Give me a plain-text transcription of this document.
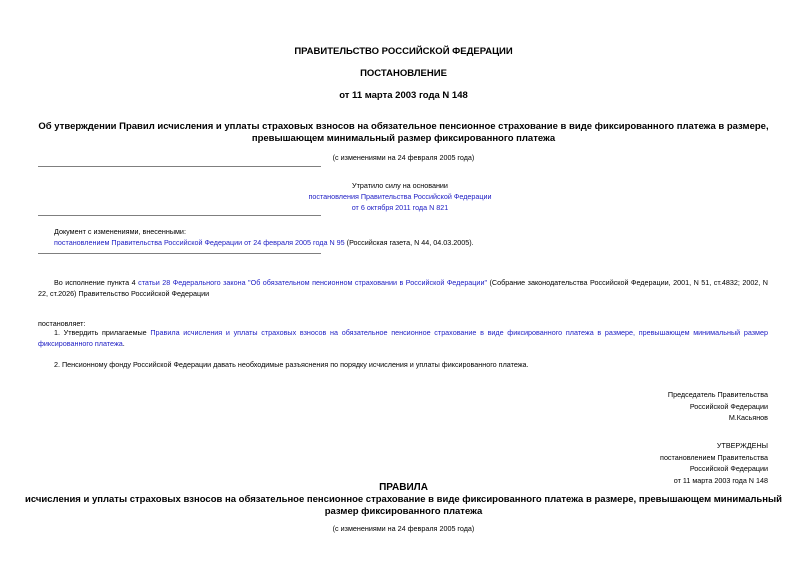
ПРАВИТЕЛЬСТВО РОССИЙСКОЙ ФЕДЕРАЦИИ
ПОСТАНОВЛЕНИЕ
от 11 марта 2003 года N 148
Об утверждении Правил исчисления и уплаты страховых взносов на обязательное пенсионное страхование в виде фиксированного платежа в размере,
превышающем минимальный размер фиксированного платежа
(с изменениями на 24 февраля 2005 года)
Утратило силу на основании
постановления Правительства Российской Федерации
от 6 октября 2011 года N 821
Документ с изменениями, внесенными:
постановлением Правительства Российской Федерации от 24 февраля 2005 года N 95 (Российская газета, N 44, 04.03.2005).
Во исполнение пункта 4 статьи 28 Федерального закона "Об обязательном пенсионном страховании в Российской Федерации" (Собрание законодательства Российской Федерации, 2001, N 51, ст.4832; 2002, N 22, ст.2026) Правительство Российской Федерации
постановляет:
1. Утвердить прилагаемые Правила исчисления и уплаты страховых взносов на обязательное пенсионное страхование в виде фиксированного платежа в размере, превышающем минимальный размер фиксированного платежа.
2. Пенсионному фонду Российской Федерации давать необходимые разъяснения по порядку исчисления и уплаты фиксированного платежа.
Председатель Правительства
Российской Федерации
М.Касьянов
УТВЕРЖДЕНЫ
постановлением Правительства
Российской Федерации
от 11 марта 2003 года N 148
ПРАВИЛА
исчисления и уплаты страховых взносов на обязательное пенсионное страхование в виде фиксированного платежа в размере, превышающем минимальный
размер фиксированного платежа
(с изменениями на 24 февраля 2005 года)
